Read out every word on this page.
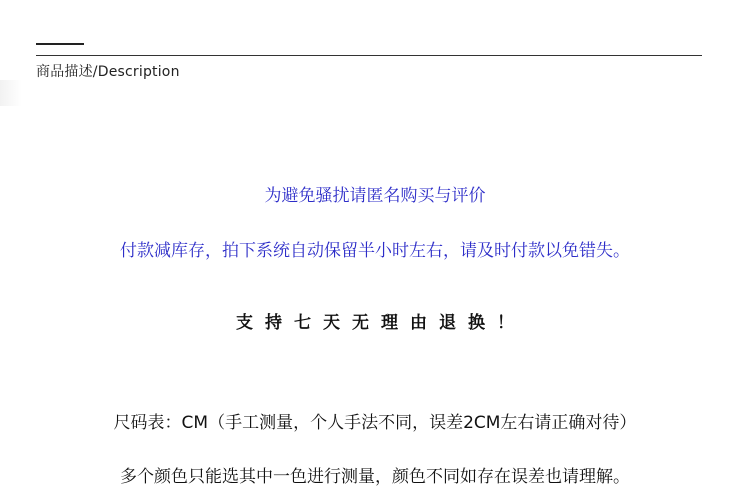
商品描述/Description
为避免骚扰请匿名购买与评价
付款减库存，拍下系统自动保留半小时左右，请及时付款以免错失。
支持七天无理由退换！
尺码表：CM（手工测量，个人手法不同，误差2CM左右请正确对待）
多个颜色只能选其中一色进行测量，颜色不同如存在误差也请理解。
